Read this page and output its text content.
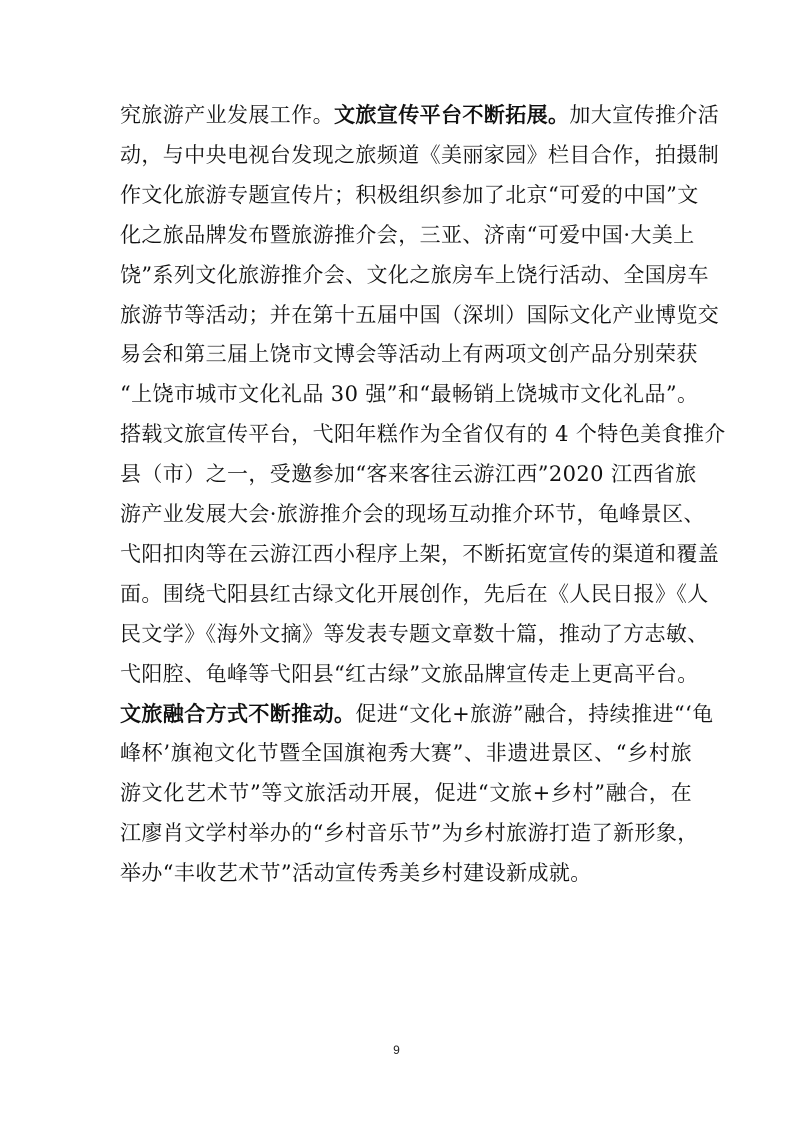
究旅游产业发展工作。文旅宣传平台不断拓展。加大宣传推介活
动，与中央电视台发现之旅频道《美丽家园》栏目合作，拍摄制
作文化旅游专题宣传片；积极组织参加了北京“可爱的中国”文
化之旅品牌发布暨旅游推介会，三亚、济南“可爱中国·大美上
饶”系列文化旅游推介会、文化之旅房车上饶行活动、全国房车
旅游节等活动；并在第十五届中国（深圳）国际文化产业博览交
易会和第三届上饶市文博会等活动上有两项文创产品分别荣获
“上饶市城市文化礼品 30 强”和“最畅销上饶城市文化礼品”。
搭载文旅宣传平台，弋阳年糕作为全省仅有的 4 个特色美食推介
县（市）之一，受邀参加“客来客往云游江西”2020 江西省旅
游产业发展大会·旅游推介会的现场互动推介环节，龟峰景区、
弋阳扣肉等在云游江西小程序上架，不断拓宽宣传的渠道和覆盖
面。围绕弋阳县红古绿文化开展创作，先后在《人民日报》《人
民文学》《海外文摘》等发表专题文章数十篇，推动了方志敏、
弋阳腔、龟峰等弋阳县“红古绿”文旅品牌宣传走上更高平台。
文旅融合方式不断推动。促进“文化+旅游”融合，持续推进“‘龟
峰杯’旗袍文化节暨全国旗袍秀大赛”、非遗进景区、“乡村旅
游文化艺术节”等文旅活动开展，促进“文旅+乡村”融合，在
江廖肖文学村举办的“乡村音乐节”为乡村旅游打造了新形象，
举办“丰收艺术节”活动宣传秀美乡村建设新成就。
9
